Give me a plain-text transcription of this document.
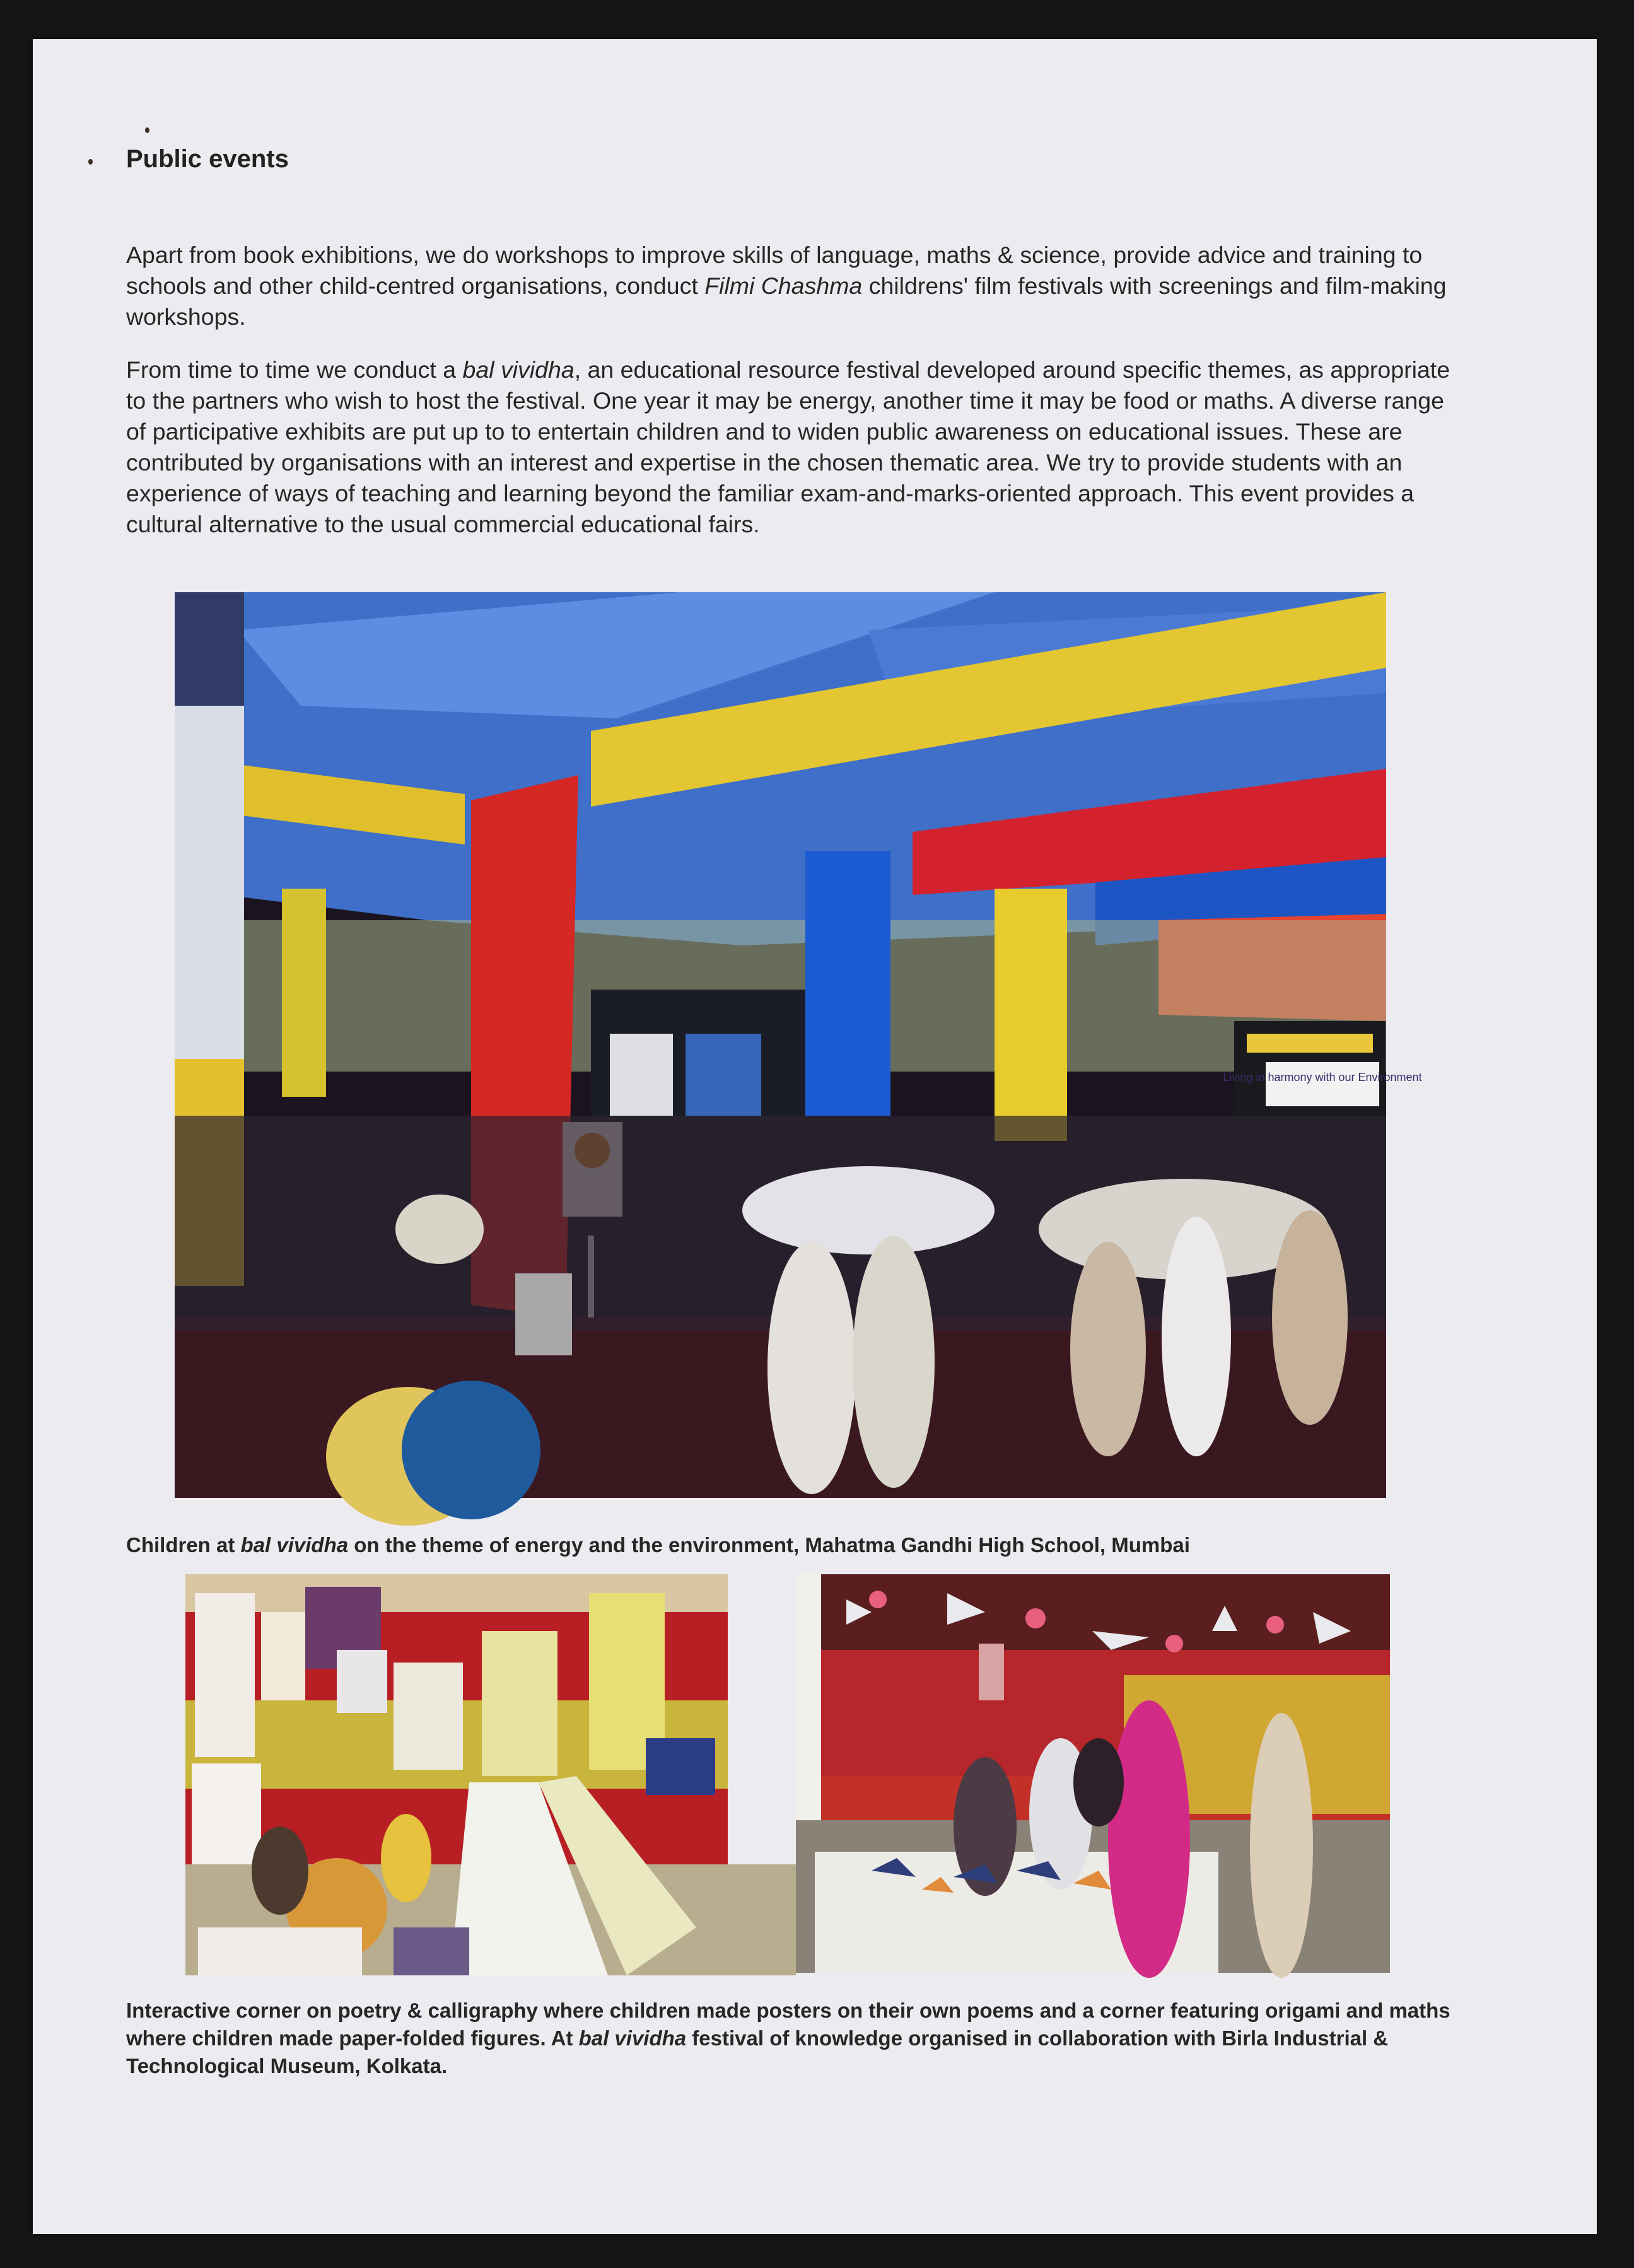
Public events

Apart from book exhibitions, we do workshops to improve skills of language, maths & science, provide advice and training to schools and other child-centred organisations, conduct Filmi Chashma childrens' film festivals with screenings and film-making workshops.

From time to time we conduct a bal vividha, an educational resource festival developed around specific themes, as appropriate to the partners who wish to host the festival. One year it may be energy, another time it may be food or maths. A diverse range of participative exhibits are put up to to entertain children and to widen public awareness on educational issues. These are contributed by organisations with an interest and expertise in the chosen thematic area. We try to provide students with an experience of ways of teaching and learning beyond the familiar exam-and-marks-oriented approach. This event provides a cultural alternative to the usual commercial educational fairs.

Living in harmony with our Environment

Children at bal vividha on the theme of energy and the environment, Mahatma Gandhi High School, Mumbai

Interactive corner on poetry & calligraphy where children made posters on their own poems and a corner featuring origami and maths where children made paper-folded figures. At bal vividha festival of knowledge organised in collaboration with Birla Industrial & Technological Museum, Kolkata.
